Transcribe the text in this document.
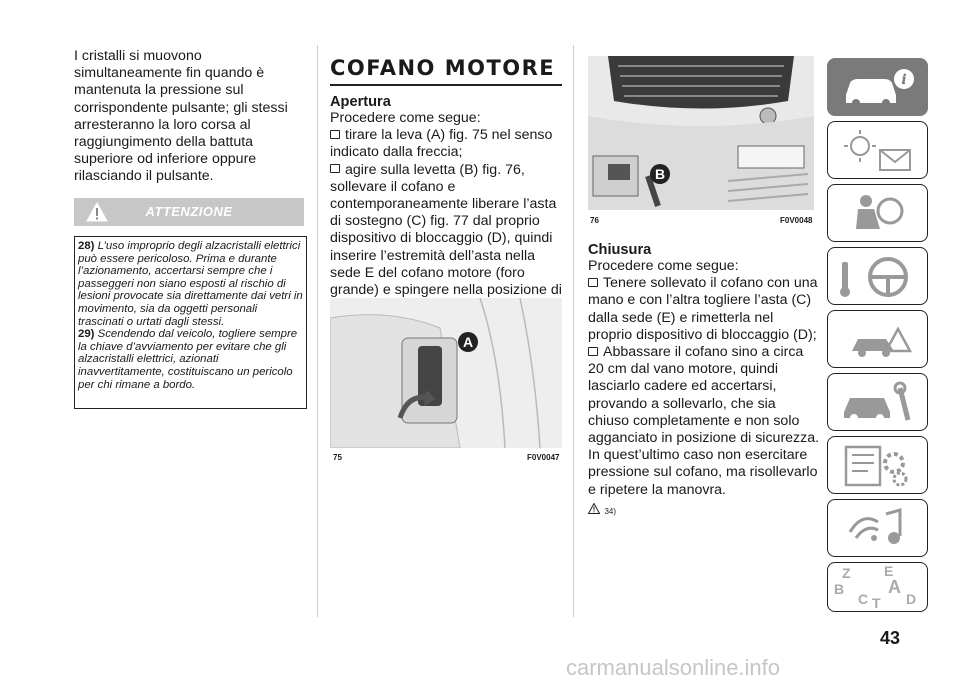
I cristalli si muovono simultaneamente fin quando è mantenuta la pressione sul corrispondente pulsante; gli stessi arresteranno la loro corsa al raggiungimento della battuta superiore od inferiore oppure rilasciando il pulsante.

ATTENZIONE

28) L’uso improprio degli alzacristalli elettrici può essere pericoloso. Prima e durante l’azionamento, accertarsi sempre che i passeggeri non siano esposti al rischio di lesioni provocate sia direttamente dai vetri in movimento, sia da oggetti personali trascinati o urtati dagli stessi.

29) Scendendo dal veicolo, togliere sempre la chiave d’avviamento per evitare che gli alzacristalli elettrici, azionati inavvertitamente, costituiscano un pericolo per chi rimane a bordo.

COFANO MOTORE

Apertura

Procedere come segue:

tirare la leva (A) fig. 75 nel senso indicato dalla freccia;

agire sulla levetta (B) fig. 76, sollevare il cofano e contemporaneamente liberare l’asta di sostegno (C) fig. 77 dal proprio dispositivo di bloccaggio (D), quindi inserire l’estremità dell’asta nella sede E del cofano motore (foro grande) e spingere nella posizione di

A
75	F0V0047
B
76	F0V0048

Chiusura

Procedere come segue:

Tenere sollevato il cofano con una mano e con l’altra togliere l’asta (C) dalla sede (E) e rimetterla nel proprio dispositivo di bloccaggio (D);

Abbassare il cofano sino a circa 20 cm dal vano motore, quindi lasciarlo cadere ed accertarsi, provando a sollevarlo, che sia chiuso completamente e non solo agganciato in posizione di sicurezza.

In quest’ultimo caso non esercitare pressione sul cofano, ma risollevarlo e ripetere la manovra.

34)
i
Z E
B A
C T D
43
carmanualsonline.info
